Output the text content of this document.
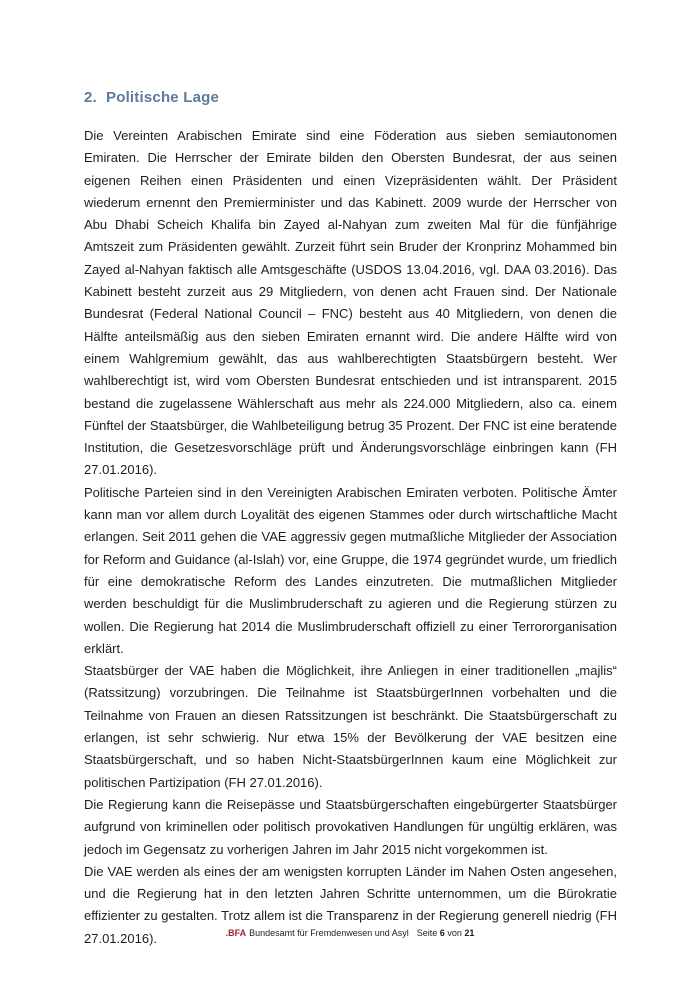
2. Politische Lage

Die Vereinten Arabischen Emirate sind eine Föderation aus sieben semiautonomen Emiraten. Die Herrscher der Emirate bilden den Obersten Bundesrat, der aus seinen eigenen Reihen einen Präsidenten und einen Vizepräsidenten wählt. Der Präsident wiederum ernennt den Premierminister und das Kabinett. 2009 wurde der Herrscher von Abu Dhabi Scheich Khalifa bin Zayed al-Nahyan zum zweiten Mal für die fünfjährige Amtszeit zum Präsidenten gewählt. Zurzeit führt sein Bruder der Kronprinz Mohammed bin Zayed al-Nahyan faktisch alle Amtsgeschäfte (USDOS 13.04.2016, vgl. DAA 03.2016). Das Kabinett besteht zurzeit aus 29 Mitgliedern, von denen acht Frauen sind. Der Nationale Bundesrat (Federal National Council – FNC) besteht aus 40 Mitgliedern, von denen die Hälfte anteilsmäßig aus den sieben Emiraten ernannt wird. Die andere Hälfte wird von einem Wahlgremium gewählt, das aus wahlberechtigten Staatsbürgern besteht. Wer wahlberechtigt ist, wird vom Obersten Bundesrat entschieden und ist intransparent. 2015 bestand die zugelassene Wählerschaft aus mehr als 224.000 Mitgliedern, also ca. einem Fünftel der Staatsbürger, die Wahlbeteiligung betrug 35 Prozent. Der FNC ist eine beratende Institution, die Gesetzesvorschläge prüft und Änderungsvorschläge einbringen kann (FH 27.01.2016).

Politische Parteien sind in den Vereinigten Arabischen Emiraten verboten. Politische Ämter kann man vor allem durch Loyalität des eigenen Stammes oder durch wirtschaftliche Macht erlangen. Seit 2011 gehen die VAE aggressiv gegen mutmaßliche Mitglieder der Association for Reform and Guidance (al-Islah) vor, eine Gruppe, die 1974 gegründet wurde, um friedlich für eine demokratische Reform des Landes einzutreten. Die mutmaßlichen Mitglieder werden beschuldigt für die Muslimbruderschaft zu agieren und die Regierung stürzen zu wollen. Die Regierung hat 2014 die Muslimbruderschaft offiziell zu einer Terrororganisation erklärt.

Staatsbürger der VAE haben die Möglichkeit, ihre Anliegen in einer traditionellen „majlis“ (Ratssitzung) vorzubringen. Die Teilnahme ist StaatsbürgerInnen vorbehalten und die Teilnahme von Frauen an diesen Ratssitzungen ist beschränkt. Die Staatsbürgerschaft zu erlangen, ist sehr schwierig. Nur etwa 15% der Bevölkerung der VAE besitzen eine Staatsbürgerschaft, und so haben Nicht-StaatsbürgerInnen kaum eine Möglichkeit zur politischen Partizipation (FH 27.01.2016).

Die Regierung kann die Reisepässe und Staatsbürgerschaften eingebürgerter Staatsbürger aufgrund von kriminellen oder politisch provokativen Handlungen für ungültig erklären, was jedoch im Gegensatz zu vorherigen Jahren im Jahr 2015 nicht vorgekommen ist.

Die VAE werden als eines der am wenigsten korrupten Länder im Nahen Osten angesehen, und die Regierung hat in den letzten Jahren Schritte unternommen, um die Bürokratie effizienter zu gestalten. Trotz allem ist die Transparenz in der Regierung generell niedrig (FH 27.01.2016).	.BFA Bundesamt für Fremdenwesen und Asyl Seite 6 von 21
